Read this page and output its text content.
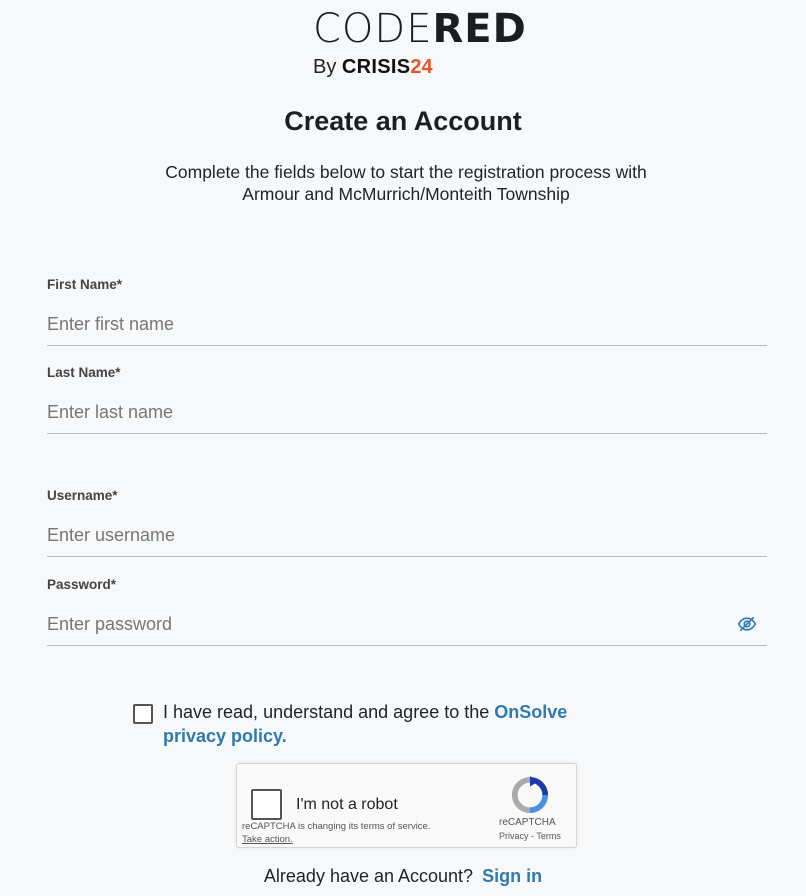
CODERED
By CRISIS24
Create an Account
Complete the fields below to start the registration process with Armour and McMurrich/Monteith Township
First Name*
Enter first name
Last Name*
Enter last name
Username*
Enter username
Password*
I have read, understand and agree to the OnSolve privacy policy.
I'm not a robot
reCAPTCHA is changing its terms of service.
Take action.
reCAPTCHA
Privacy - Terms
Already have an Account? Sign in
